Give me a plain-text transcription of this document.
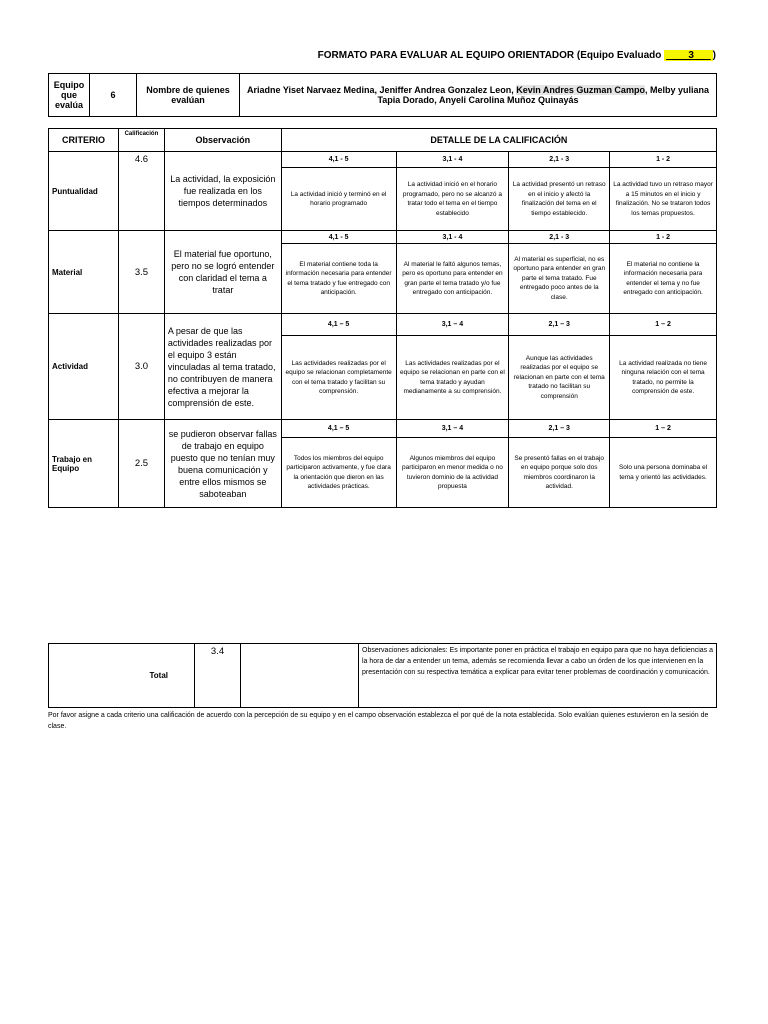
FORMATO PARA EVALUAR AL EQUIPO ORIENTADOR (Equipo Evaluado ____3___ )
Equipo que evalúa	6	Nombre de quienes evalúan	Ariadne Yiset Narvaez Medina, Jeniffer Andrea Gonzalez Leon, Kevin Andres Guzman Campo, Melby yuliana Tapia Dorado, Anyeli Carolina Muñoz Quinayás
CRITERIO	Calificación	Observación	DETALLE DE LA CALIFICACIÓN			
Puntualidad	4.6	La actividad, la exposición fue realizada en los tiempos determinados	4,1 - 5	3,1 - 4	2,1 - 3	1 - 2
			La actividad inició y terminó en el horario programado	La actividad inició en el horario programado, pero no se alcanzó a tratar todo el tema en el tiempo establecido	La actividad presentó un retraso en el inicio y afectó la finalización del tema en el tiempo establecido.	La actividad tuvo un retraso mayor a 15 minutos en el inicio y finalización. No se trataron todos los temas propuestos.
Material	3.5	El material fue oportuno, pero no se logró entender con claridad el tema a tratar	4,1 - 5	3,1 - 4	2,1 - 3	1 - 2
			El material contiene toda la información necesaria para entender el tema tratado y fue entregado con anticipación.	Al material le faltó algunos temas, pero es oportuno para entender en gran parte el tema tratado y/o fue entregado con anticipación.	Al material es superficial, no es oportuno para entender en gran parte el tema tratado. Fue entregado poco antes de la clase.	El material no contiene la información necesaria para entender el tema y no fue entregado con anticipación.
Actividad	3.0	A pesar de que las actividades realizadas por el equipo 3 están vinculadas al tema tratado, no contribuyen de manera efectiva a mejorar la comprensión de este.	4,1 – 5	3,1 – 4	2,1 – 3	1 – 2
			Las actividades realizadas por el equipo se relacionan completamente con el tema tratado y facilitan su comprensión.	Las actividades realizadas por el equipo se relacionan en parte con el tema tratado y ayudan medianamente a su comprensión.	Aunque las actividades realizadas por el equipo se relacionan en parte con el tema tratado no facilitan su comprensión	La actividad realizada no tiene ninguna relación con el tema tratado, no permite la comprensión de este.
Trabajo en Equipo	2.5	se pudieron observar fallas de trabajo en equipo puesto que no tenían muy buena comunicación y entre ellos mismos se saboteaban	4,1 – 5	3,1 – 4	2,1 – 3	1 – 2
			Todos los miembros del equipo participaron activamente, y fue clara la orientación que dieron en las actividades prácticas.	Algunos miembros del equipo participaron en menor medida o no tuvieron dominio de la actividad propuesta	Se presentó fallas en el trabajo en equipo porque solo dos miembros coordinaron la actividad.	Solo una persona dominaba el tema y orientó las actividades.
Total	3.4		Observaciones adicionales: Es importante poner en práctica el trabajo en equipo para que no haya deficiencias a la hora de dar a entender un tema, además se recomienda llevar a cabo un órden de los que intervienen en la presentación con su respectiva temática a explicar para evitar tener problemas de coordinación y comunicación.
Por favor asigne a cada criterio una calificación de acuerdo con la percepción de su equipo y en el campo observación establezca el por qué de la nota establecida. Solo evalúan quienes estuvieron en la sesión de clase.
